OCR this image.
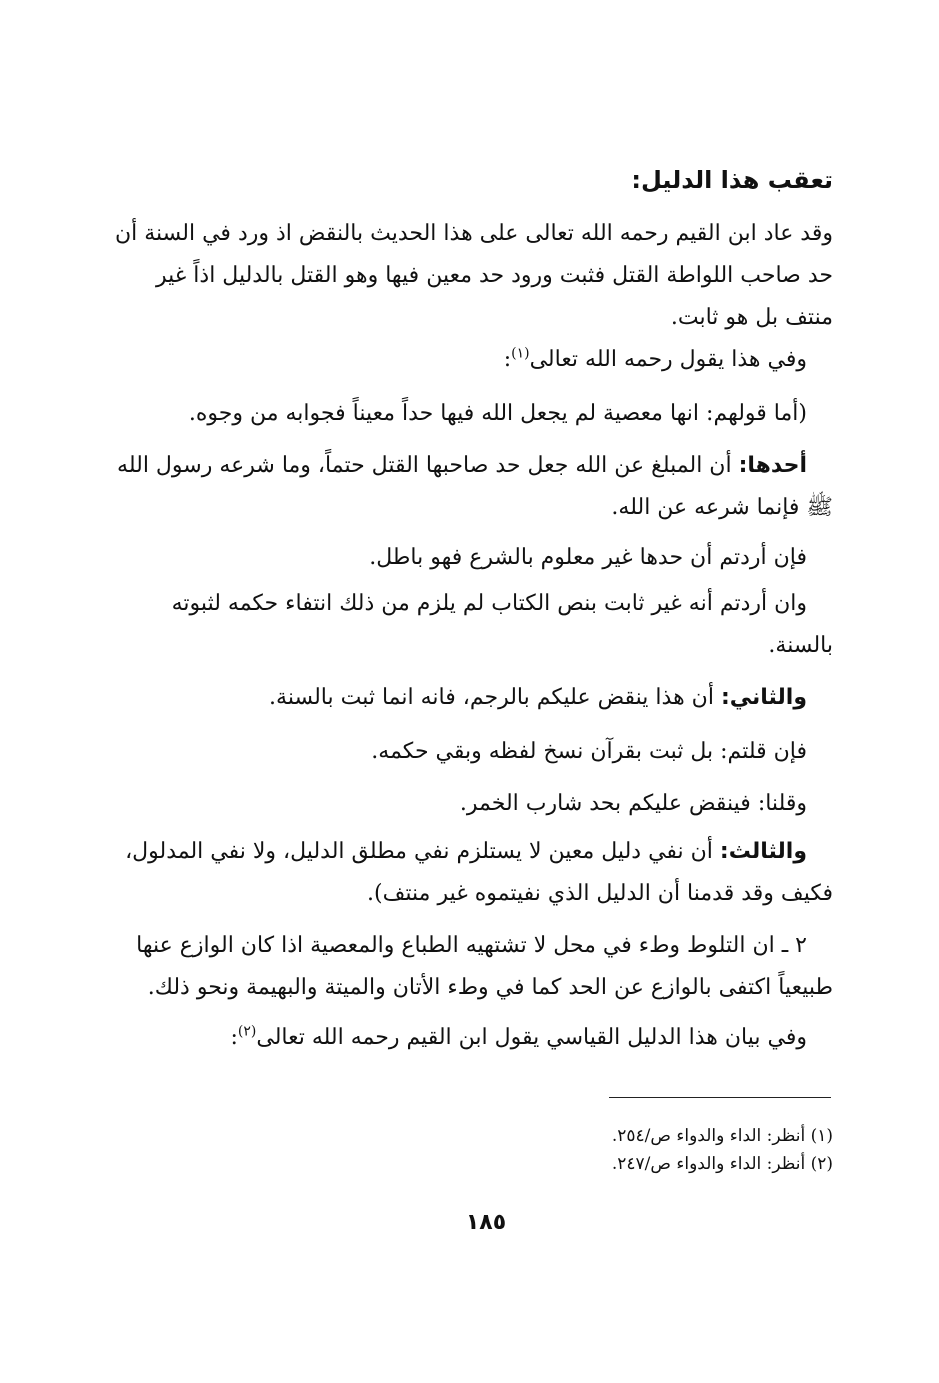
تعقب هذا الدليل:
وقد عاد ابن القيم رحمه الله تعالى على هذا الحديث بالنقض اذ ورد في السنة أن
حد صاحب اللواطة القتل فثبت ورود حد معين فيها وهو القتل بالدليل اذاً غير
منتف بل هو ثابت.
وفي هذا يقول رحمه الله تعالى$^{(١)}$:
(أما قولهم: انها معصية لم يجعل الله فيها حداً معيناً فجوابه من وجوه.
أحدها: أن المبلغ عن الله جعل حد صاحبها القتل حتماً، وما شرعه رسول الله
ﷺ فإنما شرعه عن الله.
فإن أردتم أن حدها غير معلوم بالشرع فهو باطل.
وان أردتم أنه غير ثابت بنص الكتاب لم يلزم من ذلك انتفاء حكمه لثبوته
بالسنة.
والثاني: أن هذا ينقض عليكم بالرجم، فانه انما ثبت بالسنة.
فإن قلتم: بل ثبت بقرآن نسخ لفظه وبقي حكمه.
وقلنا: فينقض عليكم بحد شارب الخمر.
والثالث: أن نفي دليل معين لا يستلزم نفي مطلق الدليل، ولا نفي المدلول،
فكيف وقد قدمنا أن الدليل الذي نفيتموه غير منتف).
٢ ـ ان التلوط وطء في محل لا تشتهيه الطباع والمعصية اذا كان الوازع عنها
طبيعياً اكتفى بالوازع عن الحد كما في وطء الأتان والميتة والبهيمة ونحو ذلك.
وفي بيان هذا الدليل القياسي يقول ابن القيم رحمه الله تعالى$^{(٢)}$:
(١) أنظر: الداء والدواء ص/٢٥٤.
(٢) أنظر: الداء والدواء ص/٢٤٧.
١٨٥
